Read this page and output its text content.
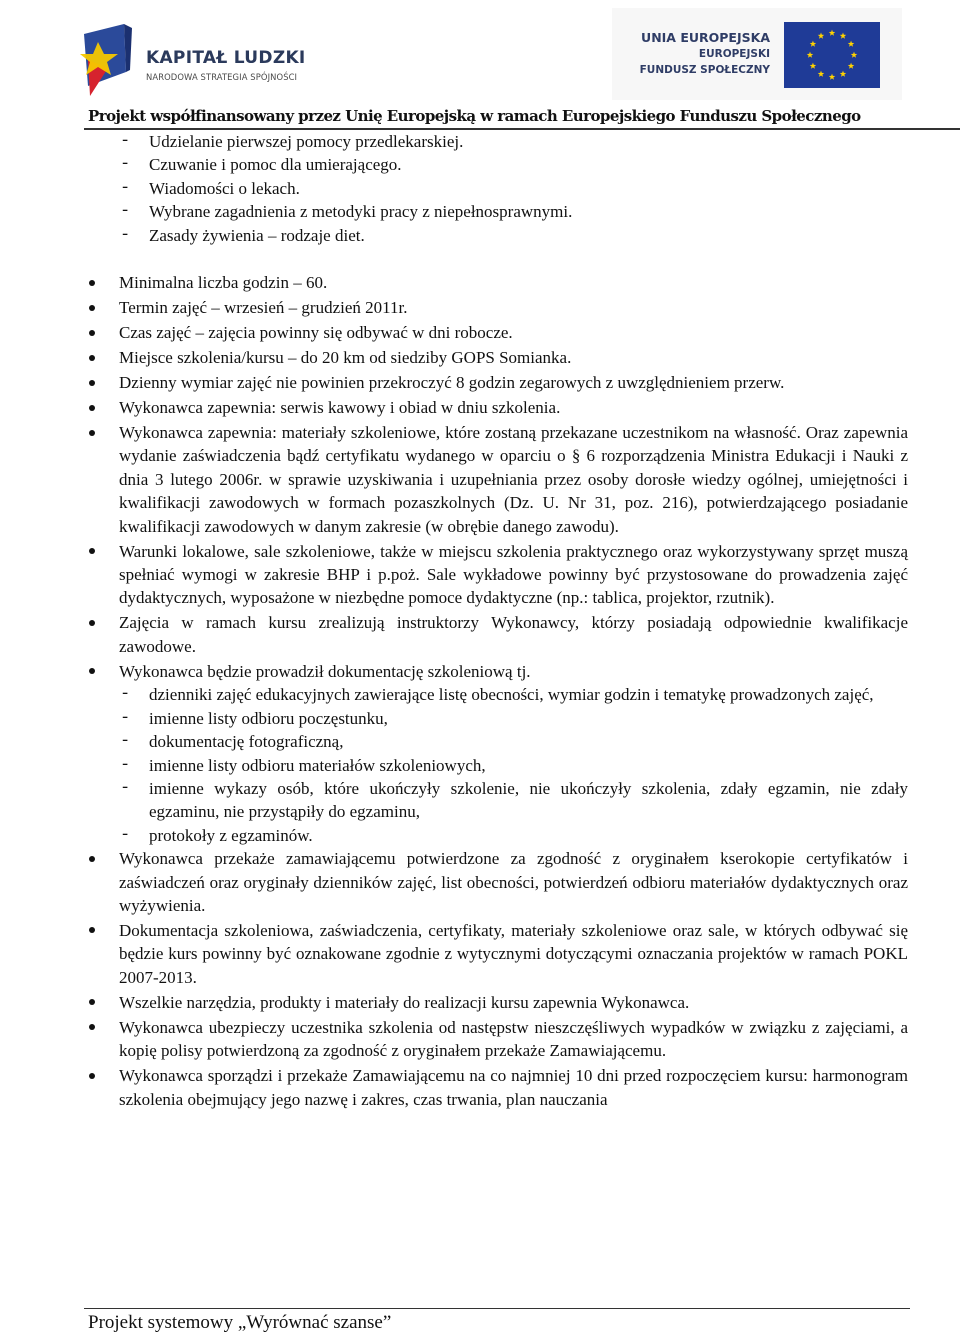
KAPITAŁ LUDZKI
NARODOWA STRATEGIA SPÓJNOŚCI
UNIA EUROPEJSKA
EUROPEJSKI
FUNDUSZ SPOŁECZNY
Projekt współfinansowany przez Unię Europejską w ramach Europejskiego Funduszu Społecznego
- Udzielanie pierwszej pomocy przedlekarskiej.
- Czuwanie i pomoc dla umierającego.
- Wiadomości o lekach.
- Wybrane zagadnienia z metodyki pracy z niepełnosprawnymi.
- Zasady żywienia – rodzaje diet.
Minimalna liczba godzin – 60.
Termin zajęć – wrzesień – grudzień 2011r.
Czas zajęć – zajęcia powinny się odbywać w dni robocze.
Miejsce szkolenia/kursu – do 20 km od siedziby GOPS Somianka.
Dzienny wymiar zajęć nie powinien przekroczyć 8 godzin zegarowych z uwzględnieniem przerw.
Wykonawca zapewnia: serwis kawowy i obiad w dniu szkolenia.
Wykonawca zapewnia: materiały szkoleniowe, które zostaną przekazane uczestnikom na własność. Oraz zapewnia wydanie zaświadczenia bądź certyfikatu wydanego w oparciu o § 6 rozporządzenia Ministra Edukacji i Nauki z dnia 3 lutego 2006r. w sprawie uzyskiwania i uzupełniania przez osoby dorosłe wiedzy ogólnej, umiejętności i kwalifikacji zawodowych w formach pozaszkolnych (Dz. U. Nr 31, poz. 216), potwierdzającego posiadanie kwalifikacji zawodowych w danym zakresie (w obrębie danego zawodu).
Warunki lokalowe, sale szkoleniowe, także w miejscu szkolenia praktycznego oraz wykorzystywany sprzęt muszą spełniać wymogi w zakresie BHP i p.poż. Sale wykładowe powinny być przystosowane do prowadzenia zajęć dydaktycznych, wyposażone w niezbędne pomoce dydaktyczne (np.: tablica, projektor, rzutnik).
Zajęcia w ramach kursu zrealizują instruktorzy Wykonawcy, którzy posiadają odpowiednie kwalifikacje zawodowe.
Wykonawca będzie prowadził dokumentację szkoleniową tj.
- dzienniki zajęć edukacyjnych zawierające listę obecności, wymiar godzin i tematykę prowadzonych zajęć,
- imienne listy odbioru poczęstunku,
- dokumentację fotograficzną,
- imienne listy odbioru materiałów szkoleniowych,
- imienne wykazy osób, które ukończyły szkolenie, nie ukończyły szkolenia, zdały egzamin, nie zdały egzaminu, nie przystąpiły do egzaminu,
- protokoły z egzaminów.
Wykonawca przekaże zamawiającemu potwierdzone za zgodność z oryginałem kserokopie certyfikatów i zaświadczeń oraz oryginały dzienników zajęć, list obecności, potwierdzeń odbioru materiałów dydaktycznych oraz wyżywienia.
Dokumentacja szkoleniowa, zaświadczenia, certyfikaty, materiały szkoleniowe oraz sale, w których odbywać się będzie kurs powinny być oznakowane zgodnie z wytycznymi dotyczącymi oznaczania projektów w ramach POKL 2007-2013.
Wszelkie narzędzia, produkty i materiały do realizacji kursu zapewnia Wykonawca.
Wykonawca ubezpieczy uczestnika szkolenia od następstw nieszczęśliwych wypadków w związku z zajęciami, a kopię polisy potwierdzoną za zgodność z oryginałem przekaże Zamawiającemu.
Wykonawca sporządzi i przekaże Zamawiającemu na co najmniej 10 dni przed rozpoczęciem kursu: harmonogram szkolenia obejmujący jego nazwę i zakres, czas trwania, plan nauczania
Projekt systemowy „Wyrównać szanse”
